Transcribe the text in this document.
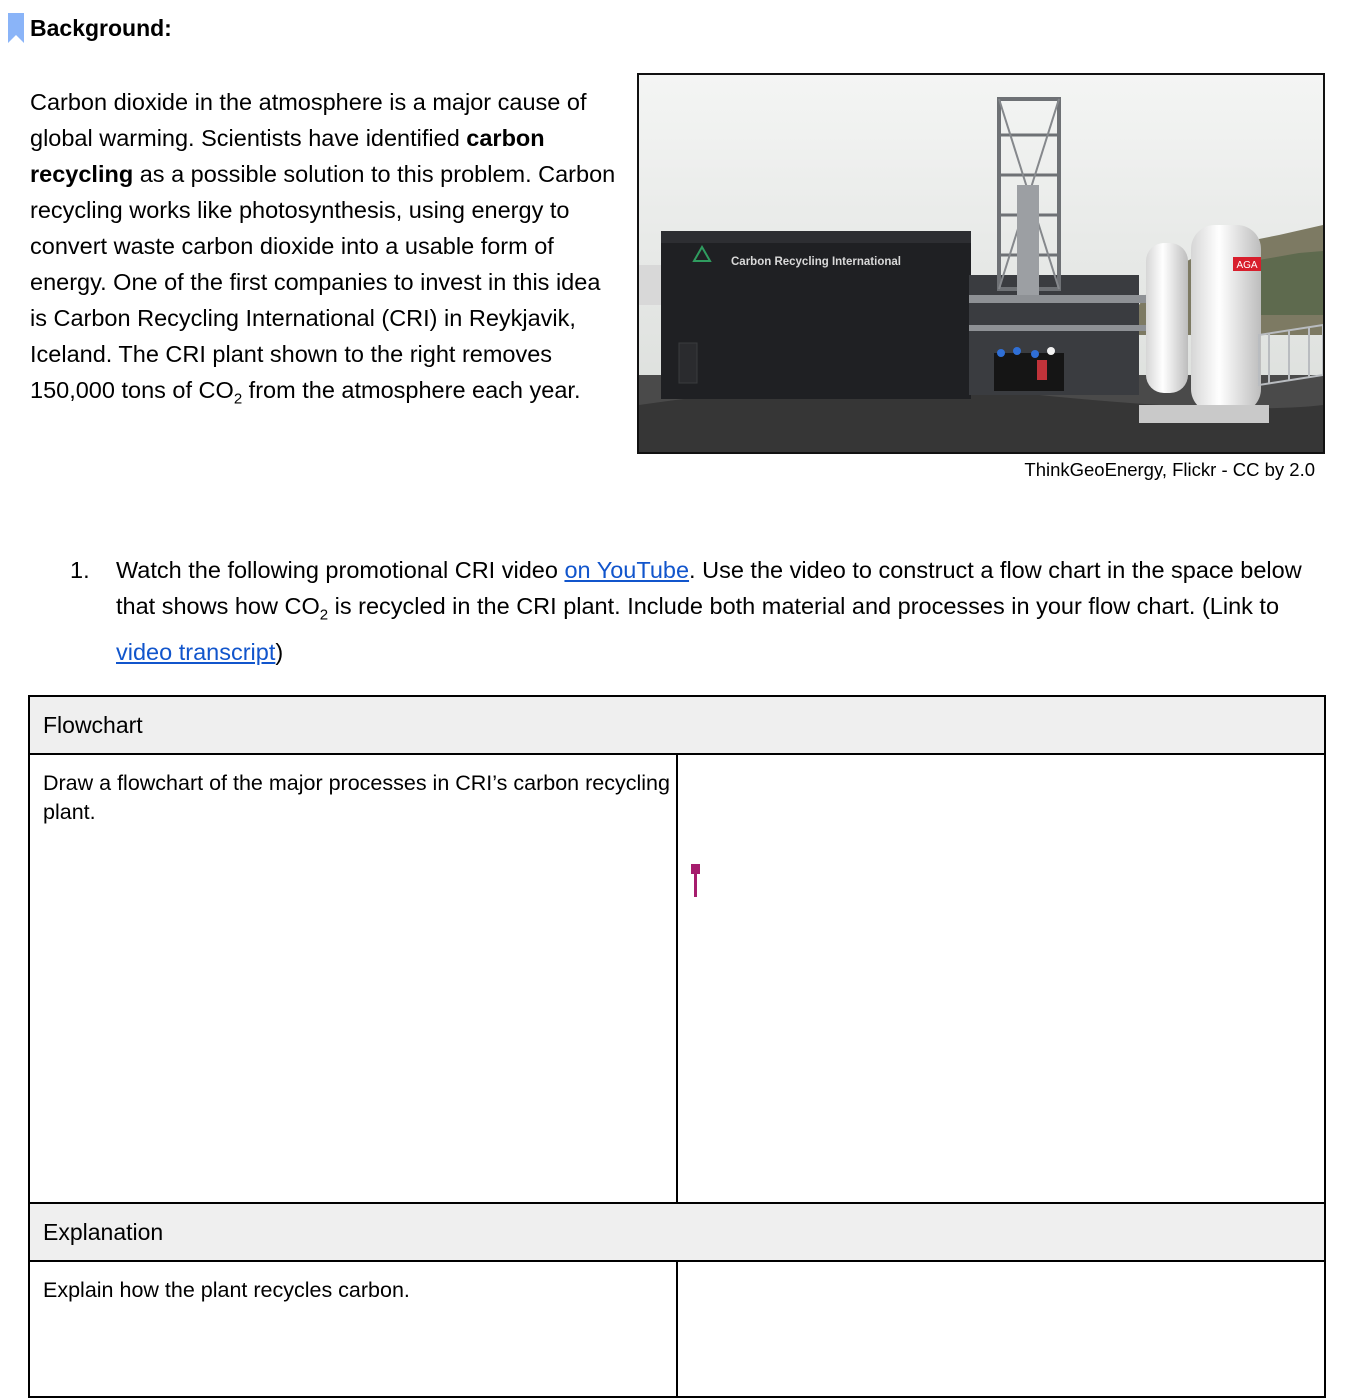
Background:

Carbon dioxide in the atmosphere is a major cause of global warming. Scientists have identified carbon recycling as a possible solution to this problem. Carbon recycling works like photosynthesis, using energy to convert waste carbon dioxide into a usable form of energy. One of the first companies to invest in this idea is Carbon Recycling International (CRI) in Reykjavik, Iceland. The CRI plant shown to the right removes 150,000 tons of $CO_2$ from the atmosphere each year.

AGA
Carbon Recycling International
ThinkGeoEnergy, Flickr - CC by 2.0
1.	Watch the following promotional CRI video on YouTube. Use the video to construct a flow chart in the space below that shows how $CO_2$ is recycled in the CRI plant. Include both material and processes in your flow chart. (Link to video transcript)
Flowchart	
Draw a flowchart of the major processes in CRI’s carbon recycling plant.	

Explanation	
Explain how the plant recycles carbon.	
